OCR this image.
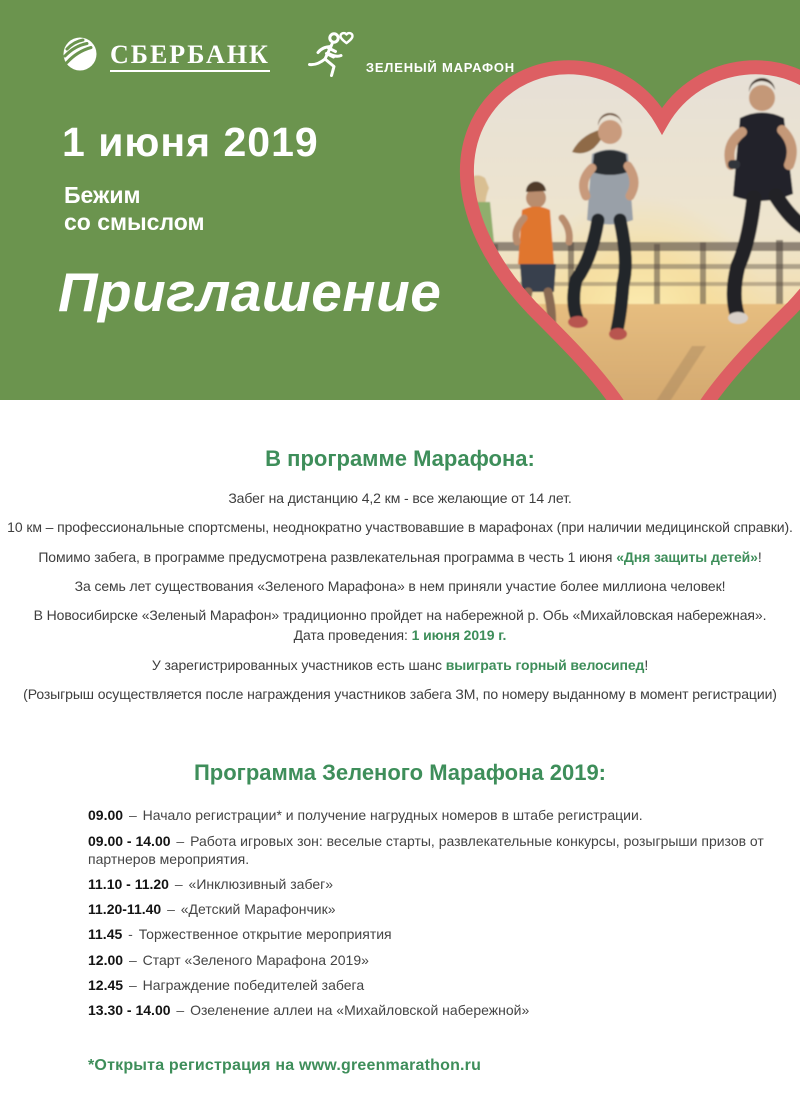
СБЕРБАНК	ЗЕЛЕНЫЙ МАРАФОН
1 июня 2019
Бежим
со смыслом
Приглашение
В программе Марафона:

Забег на дистанцию 4,2 км - все желающие от 14 лет.

10 км – профессиональные спортсмены, неоднократно участвовавшие в марафонах (при наличии медицинской справки).

Помимо забега, в программе предусмотрена развлекательная программа в честь 1 июня «Дня защиты детей»!

За семь лет существования «Зеленого Марафона» в нем приняли участие более миллиона человек!

В Новосибирске «Зеленый Марафон» традиционно пройдет на набережной р. Обь «Михайловская набережная».
Дата проведения: 1 июня 2019 г.

У зарегистрированных участников есть шанс выиграть горный велосипед!

(Розыгрыш осуществляется после награждения участников забега ЗМ, по номеру выданному в момент регистрации)

Программа Зеленого Марафона 2019:
09.00 – Начало регистрации* и получение нагрудных номеров в штабе регистрации.
09.00 - 14.00 – Работа игровых зон: веселые старты, развлекательные конкурсы, розыгрыши призов от партнеров мероприятия.
11.10 - 11.20 – «Инклюзивный забег»
11.20-11.40 – «Детский Марафончик»
11.45 - Торжественное открытие мероприятия
12.00 – Старт «Зеленого Марафона 2019»
12.45 – Награждение победителей забега
13.30 - 14.00 – Озеленение аллеи на «Михайловской набережной»
*Открыта регистрация на www.greenmarathon.ru
